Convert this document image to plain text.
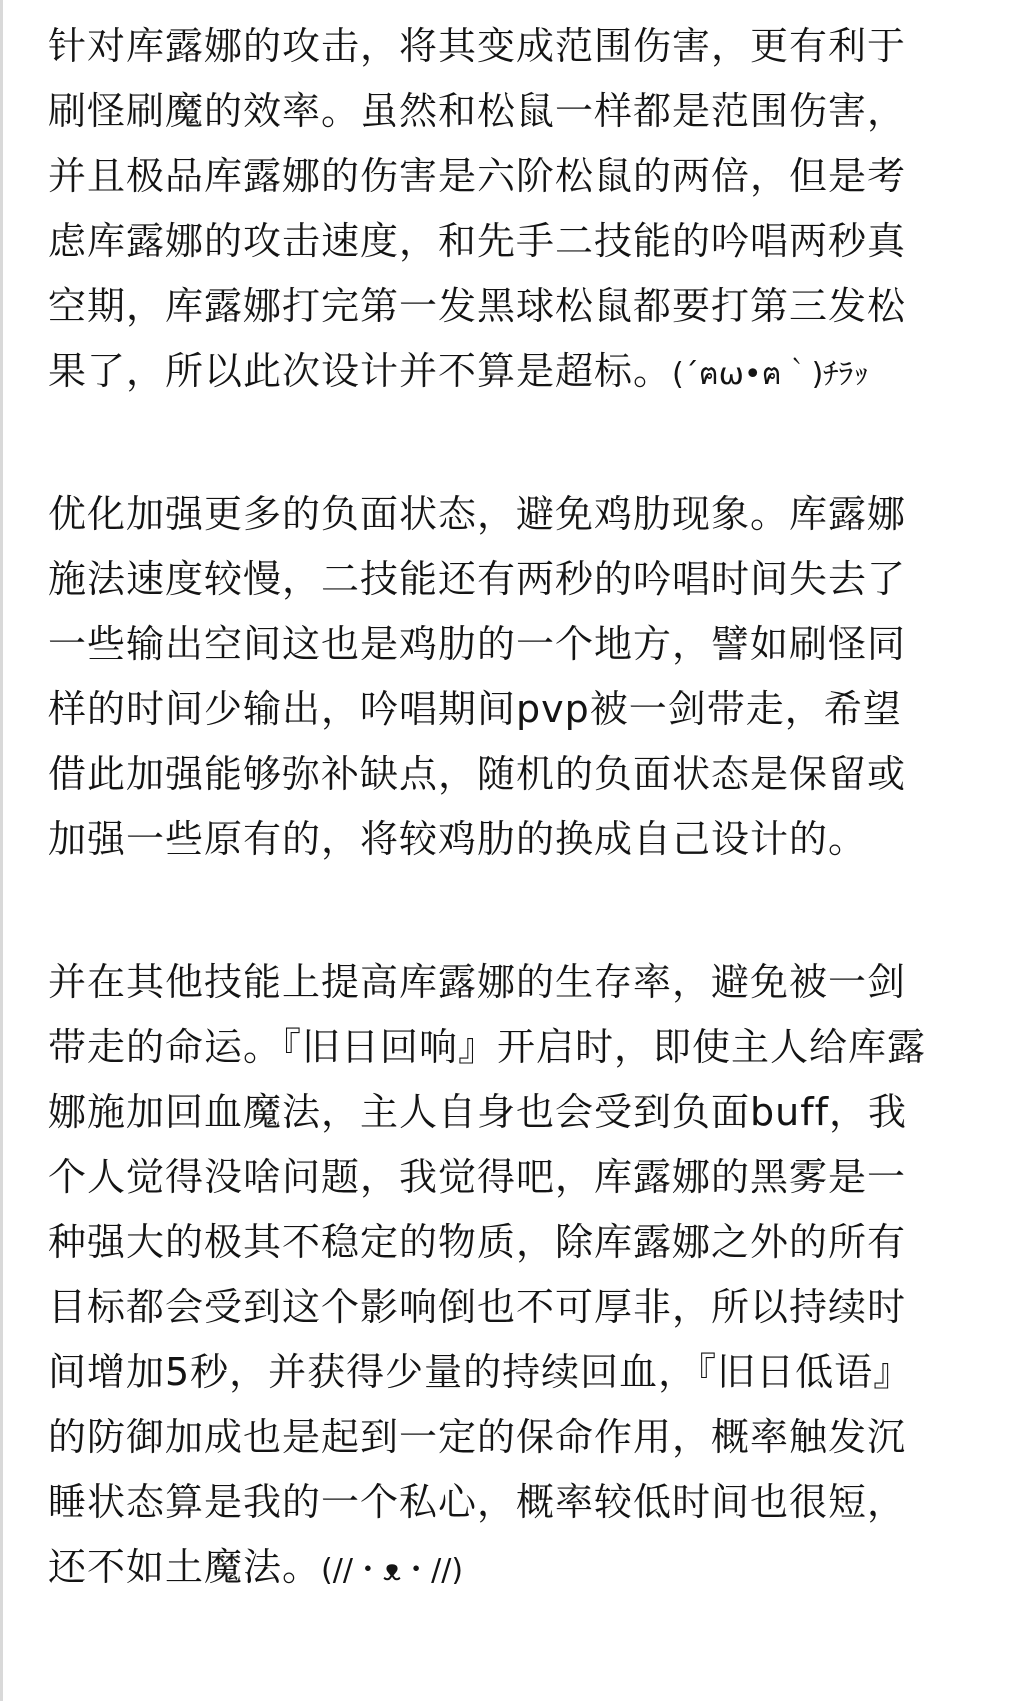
针对库露娜的攻击，将其变成范围伤害，更有利于
刷怪刷魔的效率。虽然和松鼠一样都是范围伤害，
并且极品库露娜的伤害是六阶松鼠的两倍，但是考
虑库露娜的攻击速度，和先手二技能的吟唱两秒真
空期，库露娜打完第一发黑球松鼠都要打第三发松
果了，所以此次设计并不算是超标。(´ฅω•ฅ｀)ﾁﾗｯ
优化加强更多的负面状态，避免鸡肋现象。库露娜
施法速度较慢，二技能还有两秒的吟唱时间失去了
一些输出空间这也是鸡肋的一个地方，譬如刷怪同
样的时间少输出，吟唱期间pvp被一剑带走，希望
借此加强能够弥补缺点，随机的负面状态是保留或
加强一些原有的，将较鸡肋的换成自己设计的。
并在其他技能上提高库露娜的生存率，避免被一剑
带走的命运。『旧日回响』开启时，即使主人给库露
娜施加回血魔法，主人自身也会受到负面buff，我
个人觉得没啥问题，我觉得吧，库露娜的黑雾是一
种强大的极其不稳定的物质，除库露娜之外的所有
目标都会受到这个影响倒也不可厚非，所以持续时
间增加5秒，并获得少量的持续回血，『旧日低语』
的防御加成也是起到一定的保命作用，概率触发沉
睡状态算是我的一个私心，概率较低时间也很短，
还不如土魔法。(//・ᴥ・//)
